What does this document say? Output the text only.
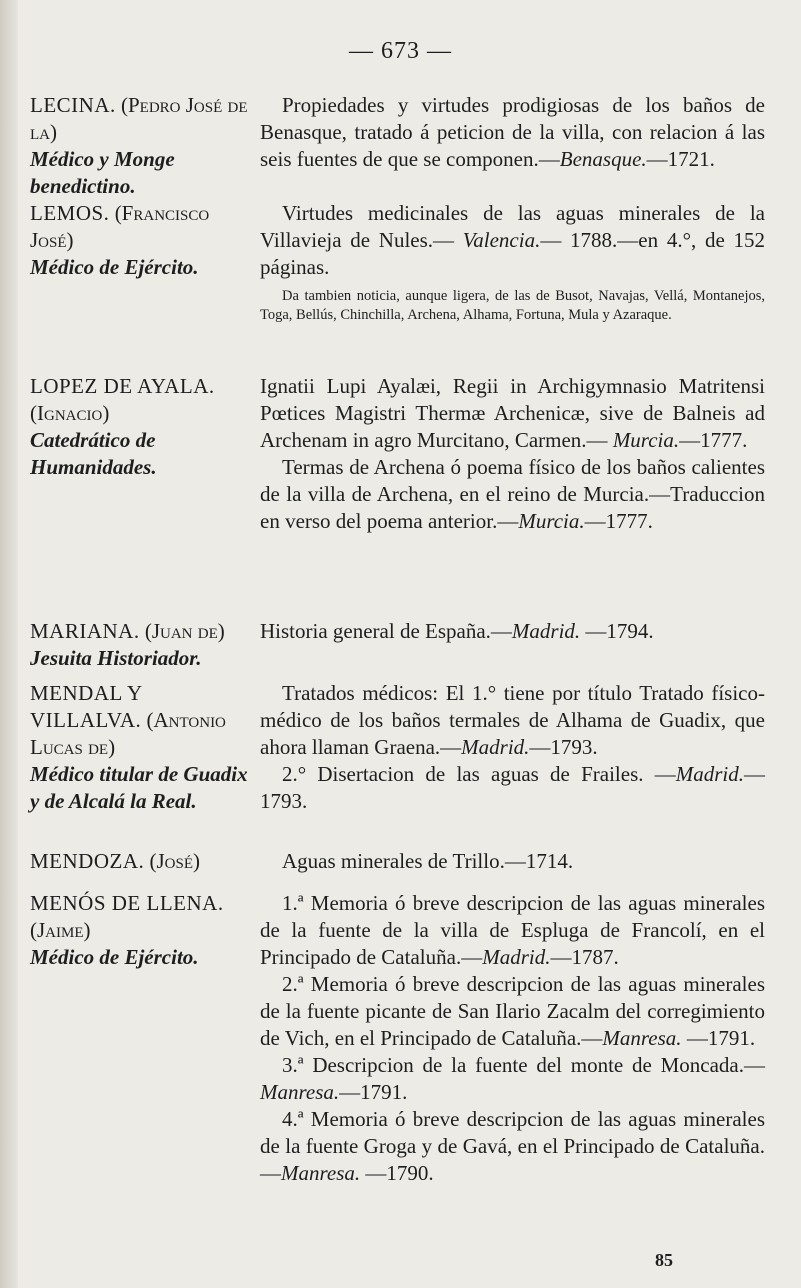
— 673 —
LECINA. (Pedro José de la)
Médico y Monge benedictino.

Propiedades y virtudes prodigiosas de los baños de Benasque, tratado á peticion de la villa, con relacion á las seis fuentes de que se componen.—Benasque.—1721.

LEMOS. (Francisco José)
Médico de Ejército.

Virtudes medicinales de las aguas minerales de la Villavieja de Nules.— Valencia.— 1788.—en 4.°, de 152 páginas.

Da tambien noticia, aunque ligera, de las de Busot, Navajas, Vellá, Montanejos, Toga, Bellús, Chinchilla, Archena, Alhama, Fortuna, Mula y Azaraque.

LOPEZ DE AYALA. (Ignacio)
Catedrático de Humanidades.

Ignatii Lupi Ayalæi, Regii in Archigymnasio Matritensi Pœtices Magistri Thermæ Archenicæ, sive de Balneis ad Archenam in agro Murcitano, Carmen.— Murcia.—1777.

Termas de Archena ó poema físico de los baños calientes de la villa de Archena, en el reino de Murcia.—Traduccion en verso del poema anterior.—Murcia.—1777.

MARIANA. (Juan de)
Jesuita Historiador.

Historia general de España.—Madrid. —1794.

MENDAL Y VILLALVA. (Antonio Lucas de)
Médico titular de Guadix y de Alcalá la Real.

Tratados médicos: El 1.° tiene por título Tratado físico-médico de los baños termales de Alhama de Guadix, que ahora llaman Graena.—Madrid.—1793.

2.° Disertacion de las aguas de Frailes. —Madrid.—1793.

MENDOZA. (José)	Aguas minerales de Trillo.—1714.

MENÓS DE LLENA. (Jaime)
Médico de Ejército.

1.ª Memoria ó breve descripcion de las aguas minerales de la fuente de la villa de Espluga de Francolí, en el Principado de Cataluña.—Madrid.—1787.

2.ª Memoria ó breve descripcion de las aguas minerales de la fuente picante de San Ilario Zacalm del corregimiento de Vich, en el Principado de Cataluña.—Manresa. —1791.

3.ª Descripcion de la fuente del monte de Moncada.—Manresa.—1791.

4.ª Memoria ó breve descripcion de las aguas minerales de la fuente Groga y de Gavá, en el Principado de Cataluña.—Manresa. —1790.

85
